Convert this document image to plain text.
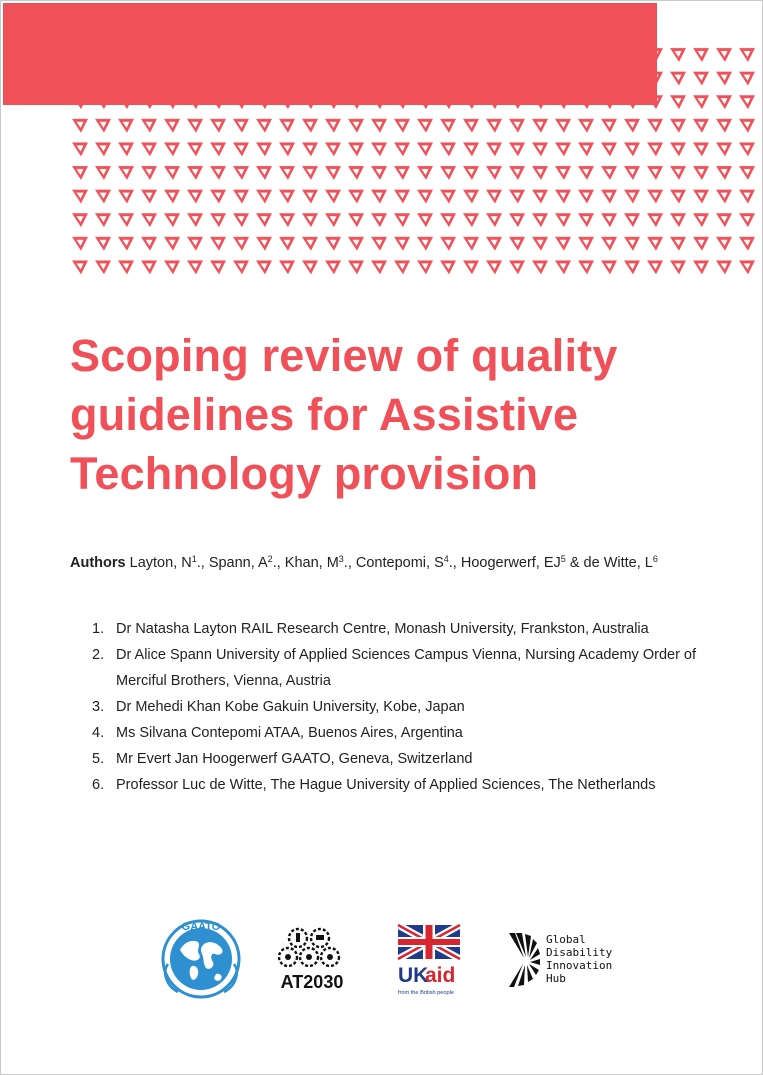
Scoping review of quality
guidelines for Assistive
Technology provision

Authors Layton, $N^1$., Spann, $A^2$., Khan, $M^3$., Contepomi, $S^4$., Hoogerwerf, $EJ^5$ & de Witte, $L^6$

1. Dr Natasha Layton RAIL Research Centre, Monash University, Frankston, Australia
2. Dr Alice Spann University of Applied Sciences Campus Vienna, Nursing Academy Order of Merciful Brothers, Vienna, Austria
3. Dr Mehedi Khan Kobe Gakuin University, Kobe, Japan
4. Ms Silvana Contepomi ATAA, Buenos Aires, Argentina
5. Mr Evert Jan Hoogerwerf GAATO, Geneva, Switzerland
6. Professor Luc de Witte, The Hague University of Applied Sciences, The Netherlands
GAATO
AT2030	UK
aid
from the British people
Global Disability Innovation Hub
